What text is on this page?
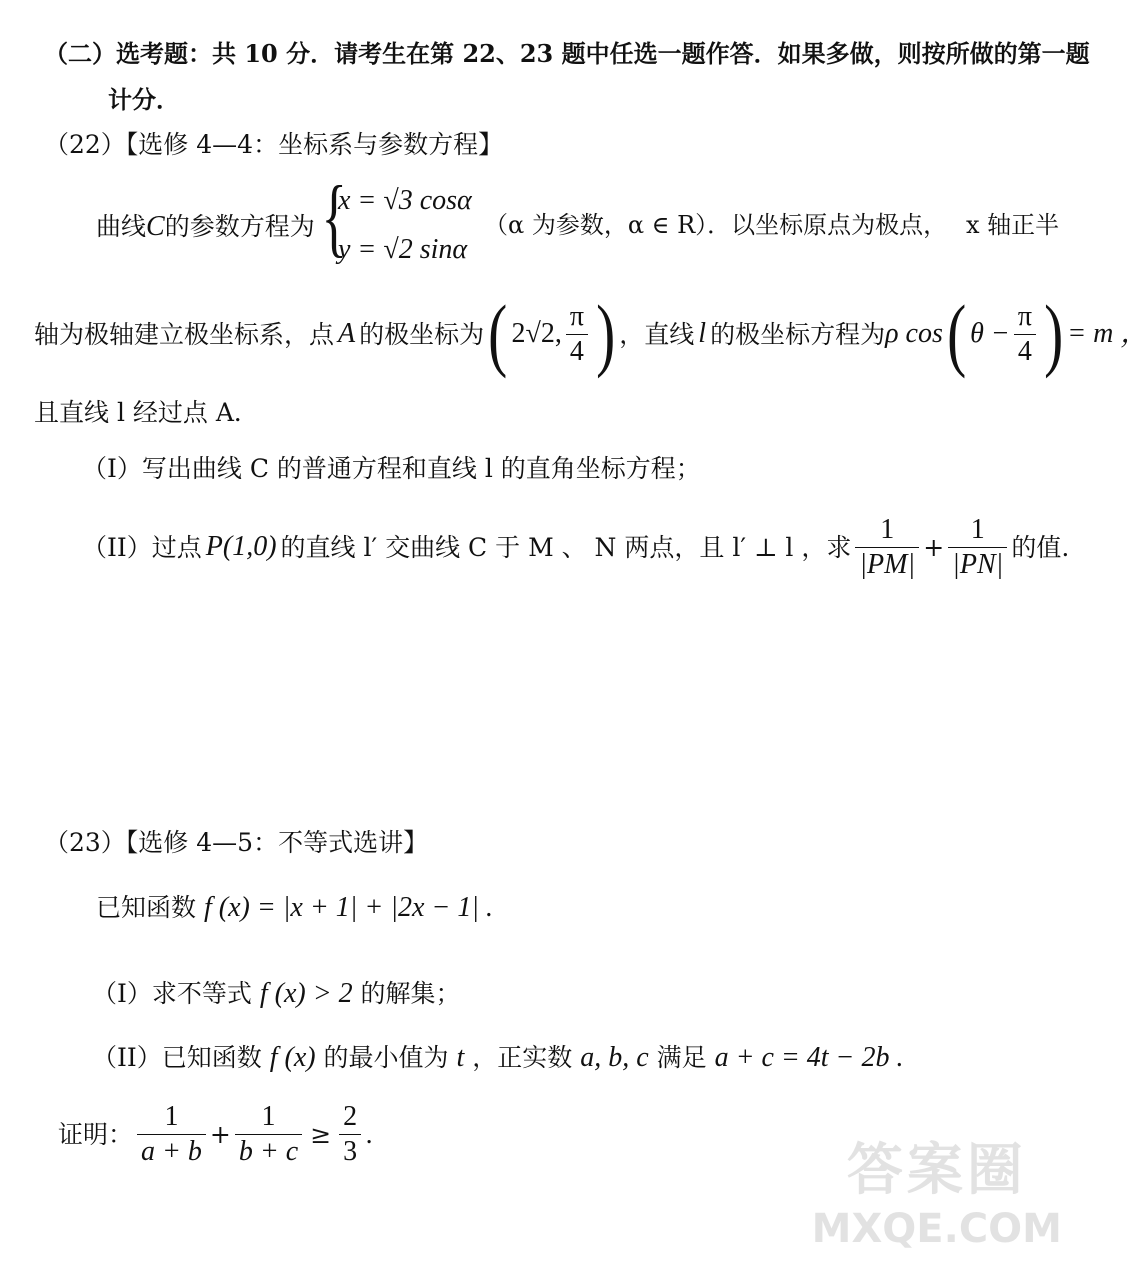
（二）选考题：共 10 分．请考生在第 22、23 题中任选一题作答．如果多做，则按所做的第一题
计分．
（22）【选修 4—4：坐标系与参数方程】
曲线C的参数方程为 {
x = √3 cosα
y = √2 sinα
（α 为参数，α ∈ R）．以坐标原点为极点， x 轴正半
轴为极轴建立极坐标系，点 A 的极坐标为 ( 2√2, $\frac{\pi}{4}$ ) ，直线 l 的极坐标方程为 ρ cos ( $\theta - \frac{\pi}{4}$ ) = m ，
且直线 l 经过点 A．
（I）写出曲线 C 的普通方程和直线 l 的直角坐标方程；
（II）过点 P(1,0) 的直线 l′ 交曲线 C 于 M 、 N 两点，且 l′ ⊥ l ，求 $\frac{1}{|PM|} + \frac{1}{|PN|}$ 的值.
（23）【选修 4—5：不等式选讲】
已知函数 f (x) = |x + 1| + |2x − 1| .
（I）求不等式 f (x) > 2 的解集；
（II）已知函数 f (x) 的最小值为 t ，正实数 a, b, c 满足 a + c = 4t − 2b .
证明： $\frac{1}{a + b} + \frac{1}{b + c} \ge \frac{2}{3}$ .
答案圈
MXQE.COM
